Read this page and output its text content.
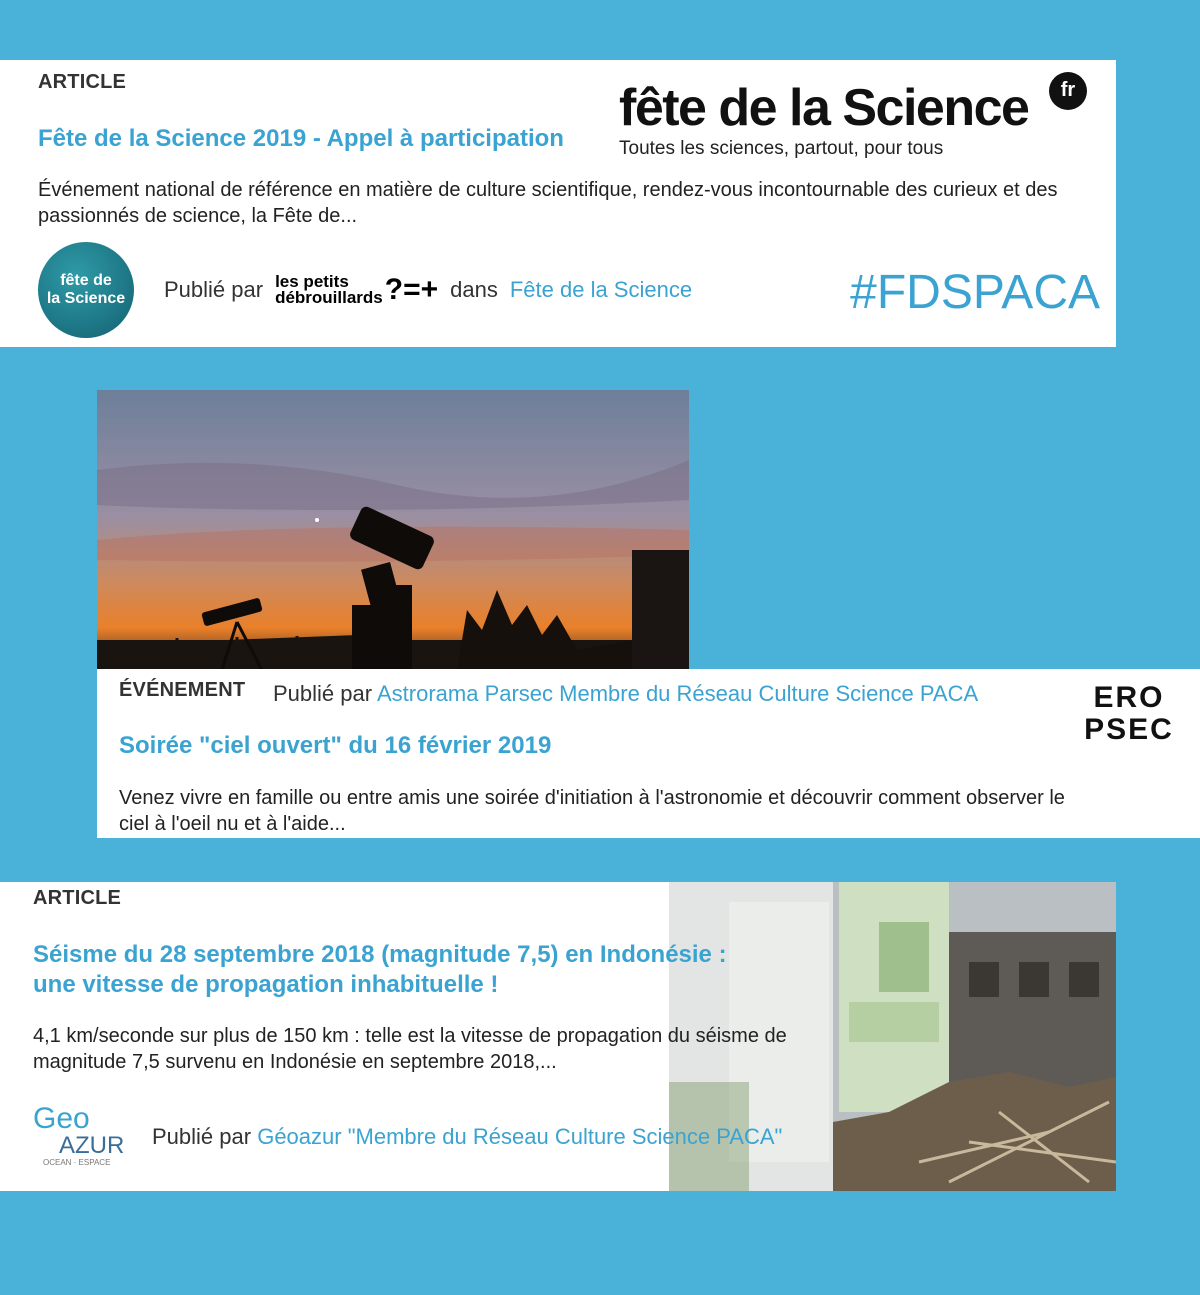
ARTICLE
Fête de la Science 2019 - Appel à participation
Événement national de référence en matière de culture scientifique, rendez-vous incontournable des curieux et des passionnés de science, la Fête de...
fête de la Science	fr
Toutes les sciences, partout, pour tous
fête de
la Science Publié par les petits
débrouillards ?=+ dans Fête de la Science	#FDSPACA
ÉVÉNEMENT Publié par Astrorama Parsec Membre du Réseau Culture Science PACA	ERO
PSEC
Soirée "ciel ouvert" du 16 février 2019
Venez vivre en famille ou entre amis une soirée d'initiation à l'astronomie et découvrir comment observer le ciel à l'oeil nu et à l'aide...
ARTICLE
Séisme du 28 septembre 2018 (magnitude 7,5) en Indonésie :
une vitesse de propagation inhabituelle !
4,1 km/seconde sur plus de 150 km : telle est la vitesse de propagation du séisme de magnitude 7,5 survenu en Indonésie en septembre 2018,...
Geo
AZUR
OCEAN · ESPACE
Publié par Géoazur "Membre du Réseau Culture Science PACA"
